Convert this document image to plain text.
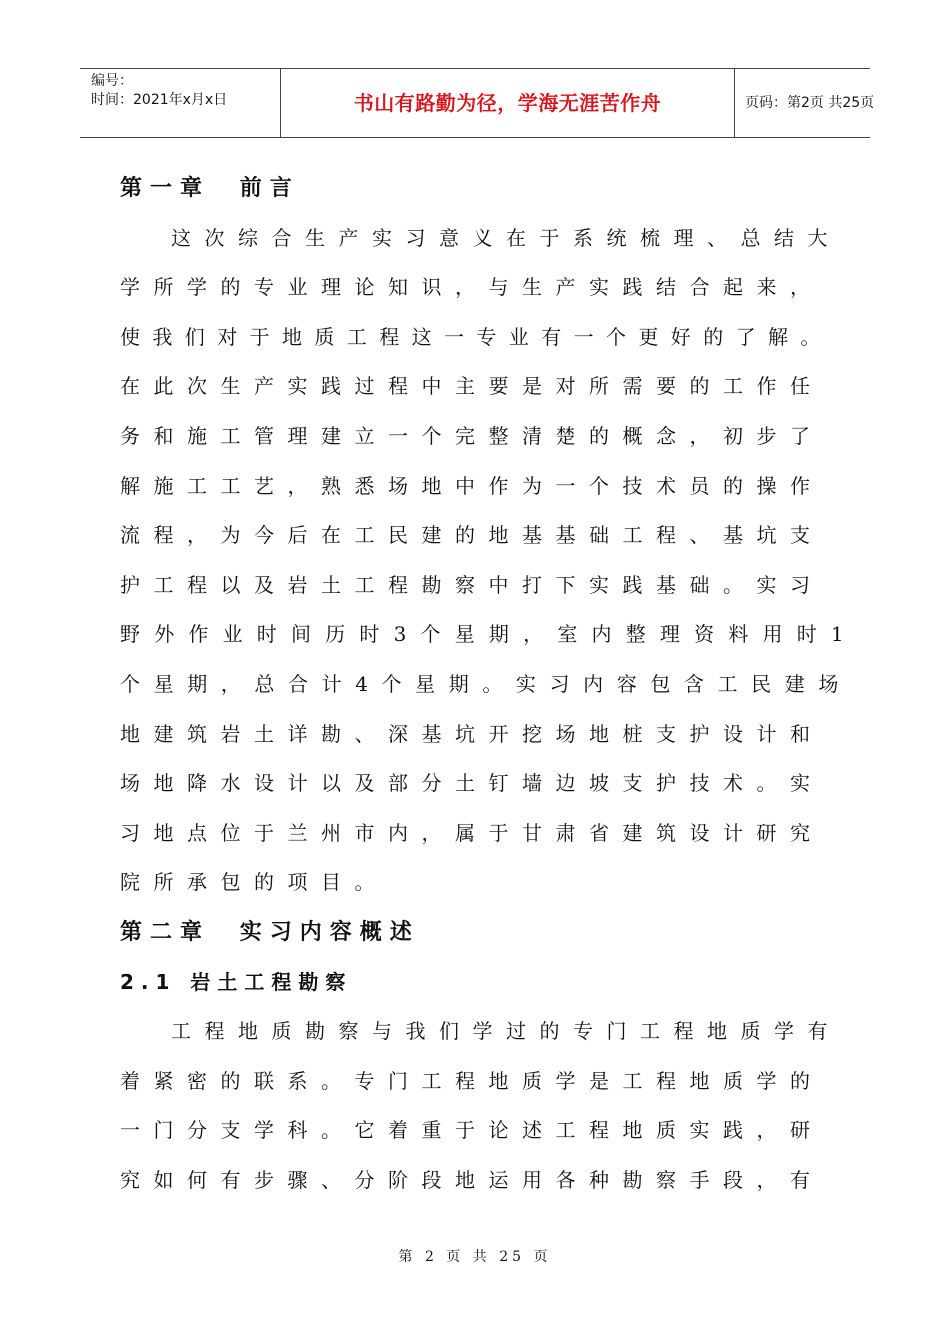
编号：
时间：2021年x月x日	书山有路勤为径，学海无涯苦作舟	页码：第2页 共25页
第一章 前言
这次综合生产实习意义在于系统梳理、总结大
学所学的专业理论知识，与生产实践结合起来，
使我们对于地质工程这一专业有一个更好的了解。
在此次生产实践过程中主要是对所需要的工作任
务和施工管理建立一个完整清楚的概念，初步了
解施工工艺，熟悉场地中作为一个技术员的操作
流程，为今后在工民建的地基基础工程、基坑支
护工程以及岩土工程勘察中打下实践基础。实习
野外作业时间历时3个星期，室内整理资料用时1
个星期，总合计4个星期。实习内容包含工民建场
地建筑岩土详勘、深基坑开挖场地桩支护设计和
场地降水设计以及部分土钉墙边坡支护技术。实
习地点位于兰州市内，属于甘肃省建筑设计研究
院所承包的项目。
第二章 实习内容概述
2.1 岩土工程勘察
工程地质勘察与我们学过的专门工程地质学有
着紧密的联系。专门工程地质学是工程地质学的
一门分支学科。它着重于论述工程地质实践，研
究如何有步骤、分阶段地运用各种勘察手段，有
第 2 页 共 25 页
